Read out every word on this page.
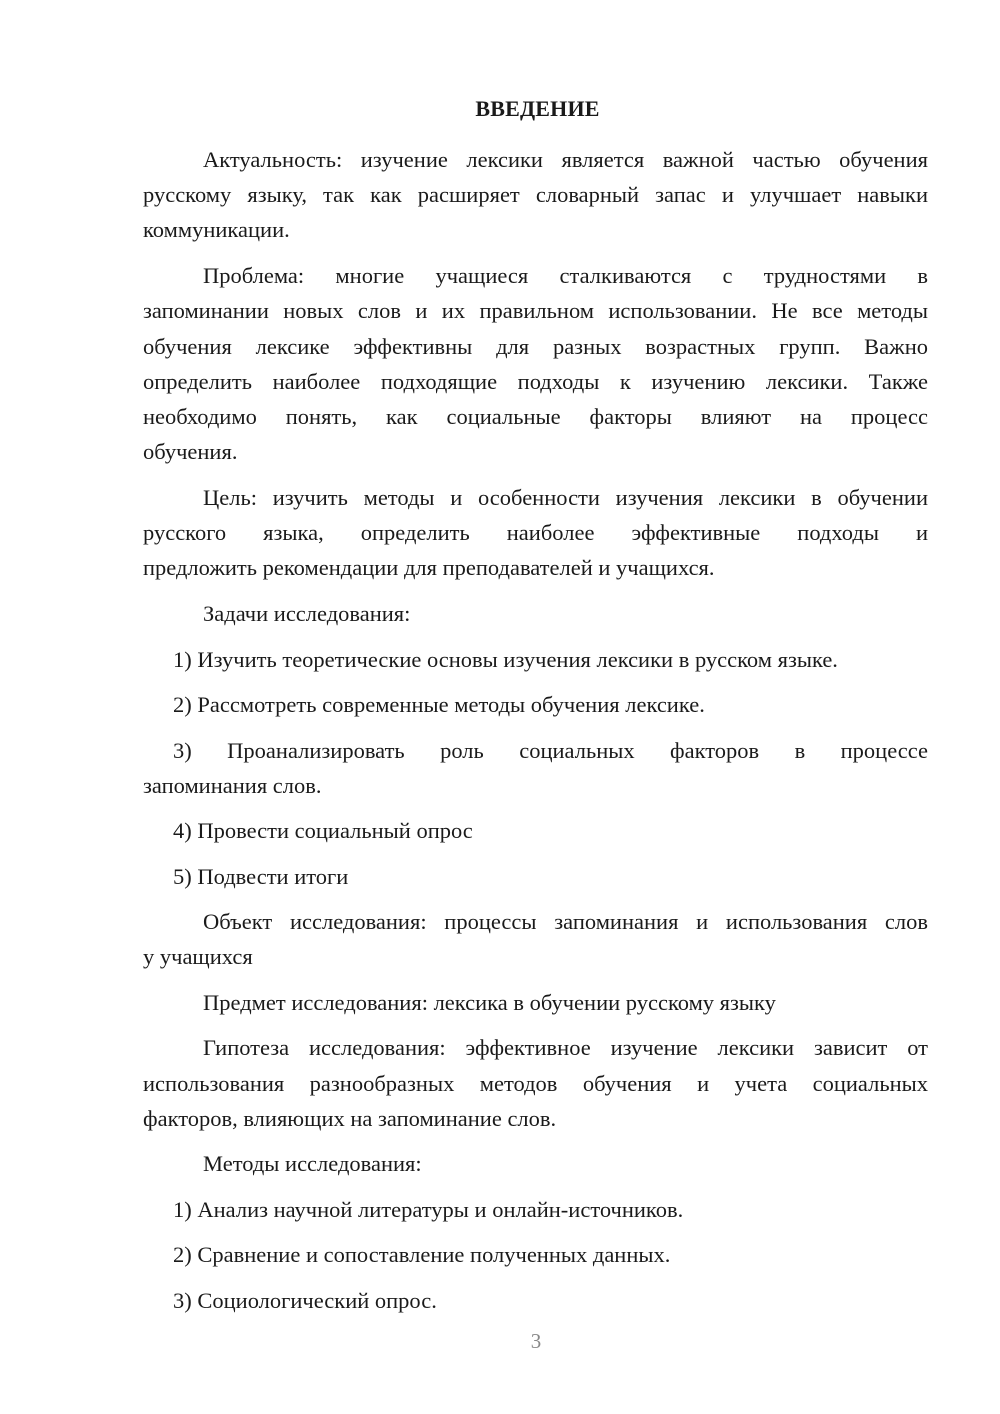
ВВЕДЕНИЕ

Актуальность: изучение лексики является важной частью обучения

русскому языку, так как расширяет словарный запас и улучшает навыки

коммуникации.

Проблема: многие учащиеся сталкиваются с трудностями в

запоминании новых слов и их правильном использовании. Не все методы

обучения лексике эффективны для разных возрастных групп. Важно

определить наиболее подходящие подходы к изучению лексики. Также

необходимо понять, как социальные факторы влияют на процесс

обучения.

Цель: изучить методы и особенности изучения лексики в обучении

русского языка, определить наиболее эффективные подходы и

предложить рекомендации для преподавателей и учащихся.

Задачи исследования:

1) Изучить теоретические основы изучения лексики в русском языке.

2) Рассмотреть современные методы обучения лексике.

3) Проанализировать роль социальных факторов в процессе

запоминания слов.

4) Провести социальный опрос

5) Подвести итоги

Объект исследования: процессы запоминания и использования слов

у учащихся

Предмет исследования: лексика в обучении русскому языку

Гипотеза исследования: эффективное изучение лексики зависит от

использования разнообразных методов обучения и учета социальных

факторов, влияющих на запоминание слов.

Методы исследования:

1) Анализ научной литературы и онлайн-источников.

2) Сравнение и сопоставление полученных данных.

3) Социологический опрос.

3
